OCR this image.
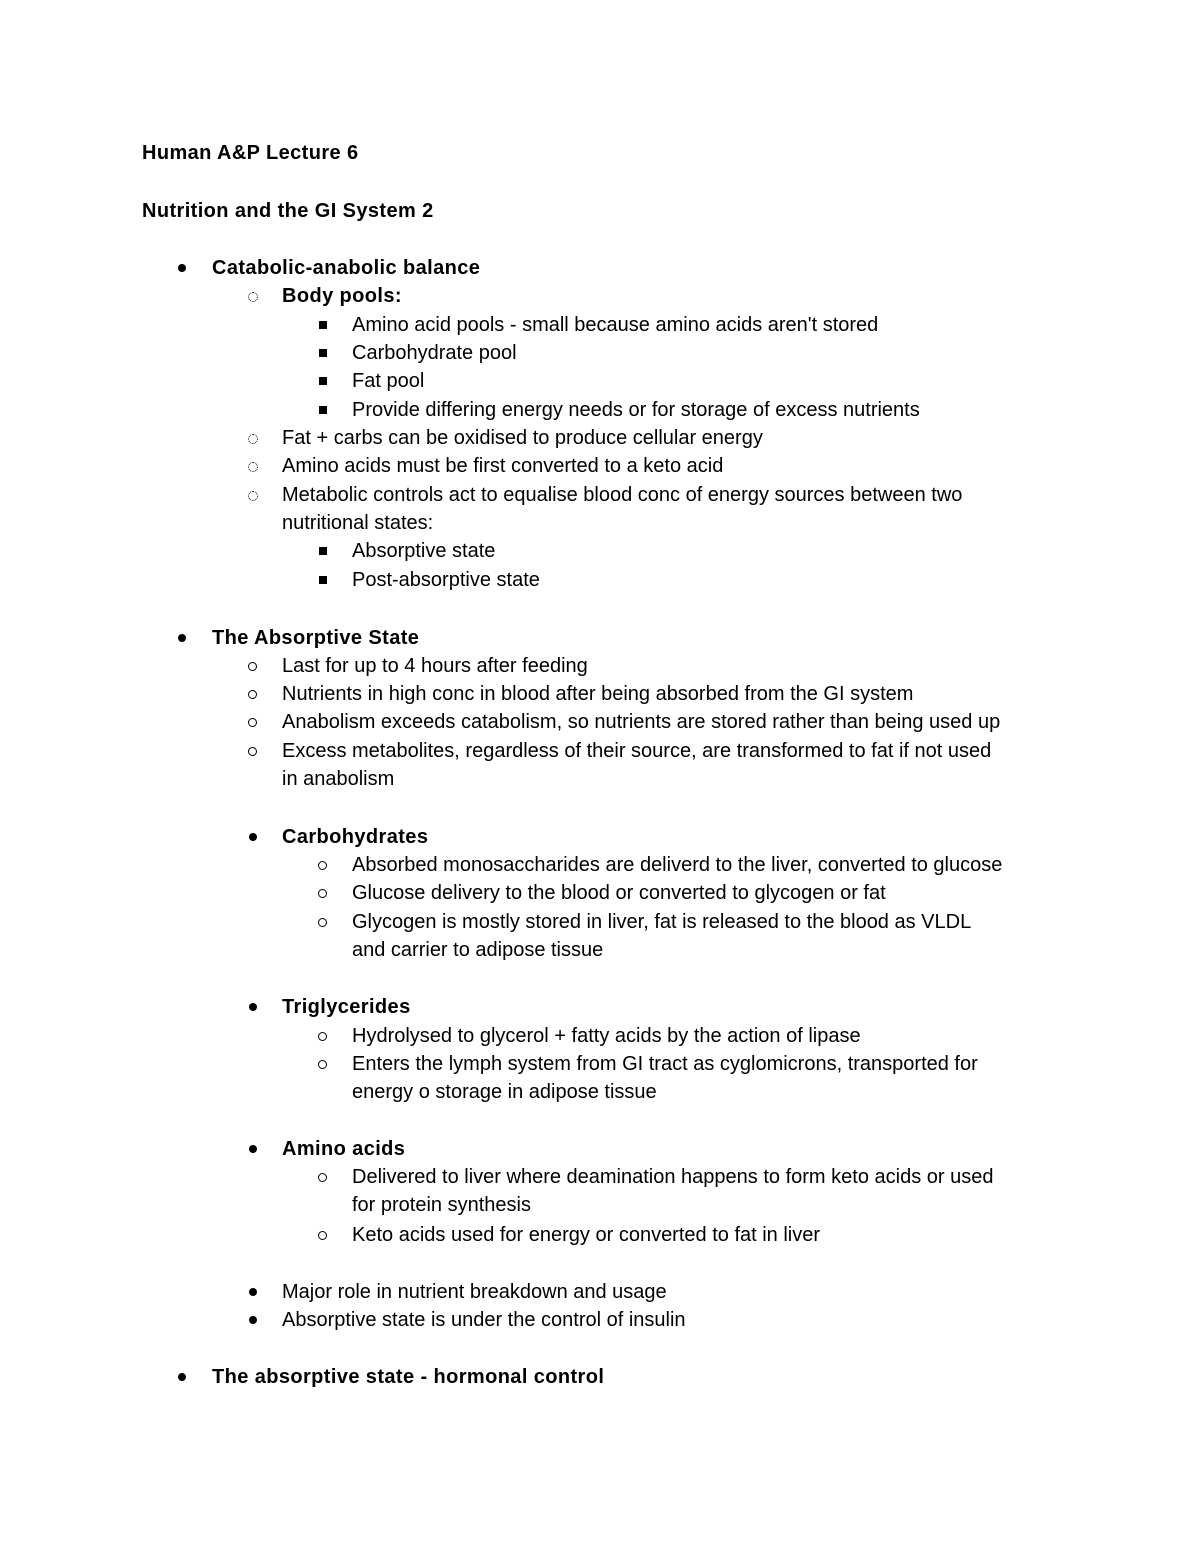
Human A&P Lecture 6
Nutrition and the GI System 2
Catabolic-anabolic balance
Body pools:
Amino acid pools - small because amino acids aren't stored
Carbohydrate pool
Fat pool
Provide differing energy needs or for storage of excess nutrients
Fat + carbs can be oxidised to produce cellular energy
Amino acids must be first converted to a keto acid
Metabolic controls act to equalise blood conc of energy sources between two
nutritional states:
Absorptive state
Post-absorptive state
The Absorptive State
Last for up to 4 hours after feeding
Nutrients in high conc in blood after being absorbed from the GI system
Anabolism exceeds catabolism, so nutrients are stored rather than being used up
Excess metabolites, regardless of their source, are transformed to fat if not used
in anabolism
Carbohydrates
Absorbed monosaccharides are deliverd to the liver, converted to glucose
Glucose delivery to the blood or converted to glycogen or fat
Glycogen is mostly stored in liver, fat is released to the blood as VLDL
and carrier to adipose tissue
Triglycerides
Hydrolysed to glycerol + fatty acids by the action of lipase
Enters the lymph system from GI tract as cyglomicrons, transported for
energy o storage in adipose tissue
Amino acids
Delivered to liver where deamination happens to form keto acids or used
for protein synthesis
Keto acids used for energy or converted to fat in liver
Major role in nutrient breakdown and usage
Absorptive state is under the control of insulin
The absorptive state - hormonal control
